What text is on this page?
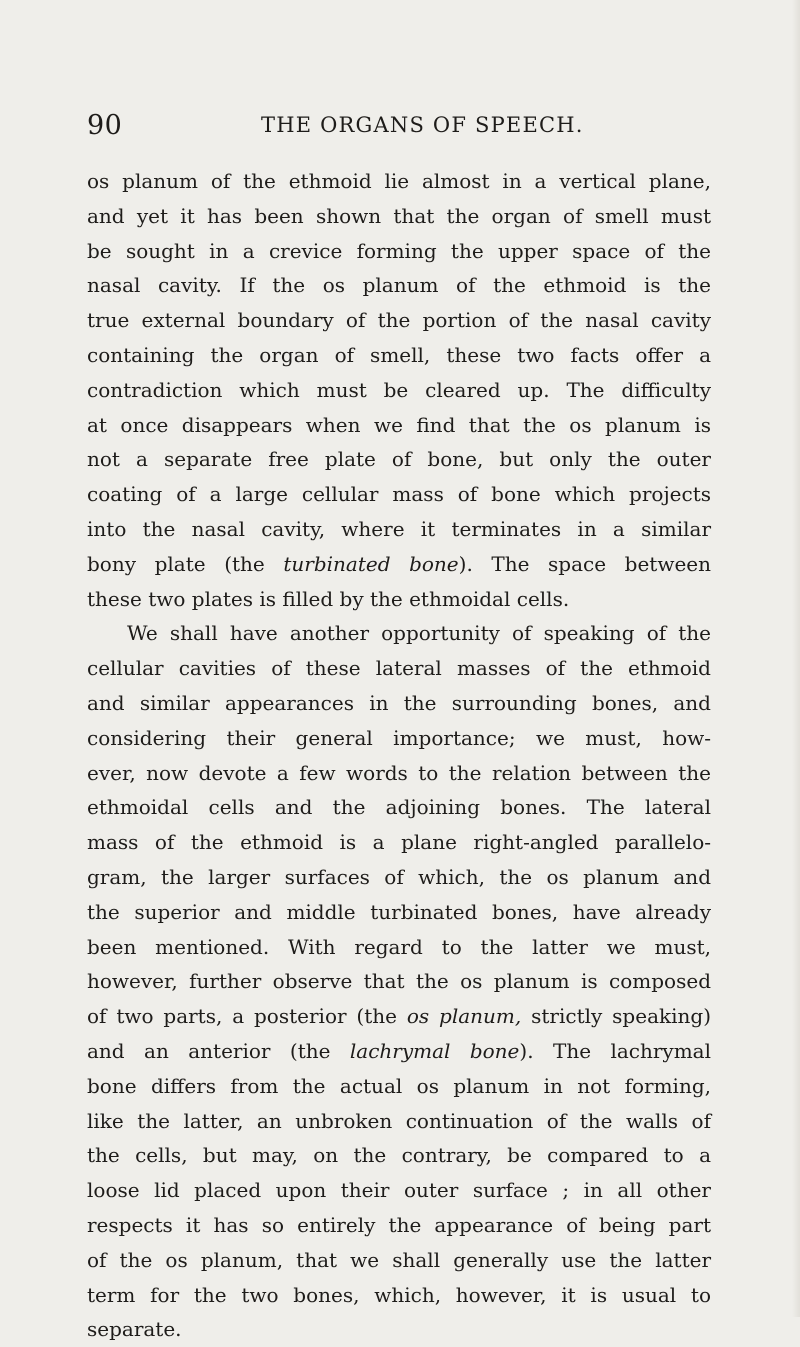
90	THE ORGANS OF SPEECH.
os planum of the ethmoid lie almost in a vertical plane,
and yet it has been shown that the organ of smell must
be sought in a crevice forming the upper space of the
nasal cavity. If the os planum of the ethmoid is the
true external boundary of the portion of the nasal cavity
containing the organ of smell, these two facts offer a
contradiction which must be cleared up. The difficulty
at once disappears when we find that the os planum is
not a separate free plate of bone, but only the outer
coating of a large cellular mass of bone which projects
into the nasal cavity, where it terminates in a similar
bony plate (the turbinated bone). The space between
these two plates is filled by the ethmoidal cells.
We shall have another opportunity of speaking of the
cellular cavities of these lateral masses of the ethmoid
and similar appearances in the surrounding bones, and
considering their general importance; we must, how-
ever, now devote a few words to the relation between the
ethmoidal cells and the adjoining bones. The lateral
mass of the ethmoid is a plane right-angled parallelo-
gram, the larger surfaces of which, the os planum and
the superior and middle turbinated bones, have already
been mentioned. With regard to the latter we must,
however, further observe that the os planum is composed
of two parts, a posterior (the os planum, strictly speaking)
and an anterior (the lachrymal bone). The lachrymal
bone differs from the actual os planum in not forming,
like the latter, an unbroken continuation of the walls of
the cells, but may, on the contrary, be compared to a
loose lid placed upon their outer surface ; in all other
respects it has so entirely the appearance of being part
of the os planum, that we shall generally use the latter
term for the two bones, which, however, it is usual to
separate.
